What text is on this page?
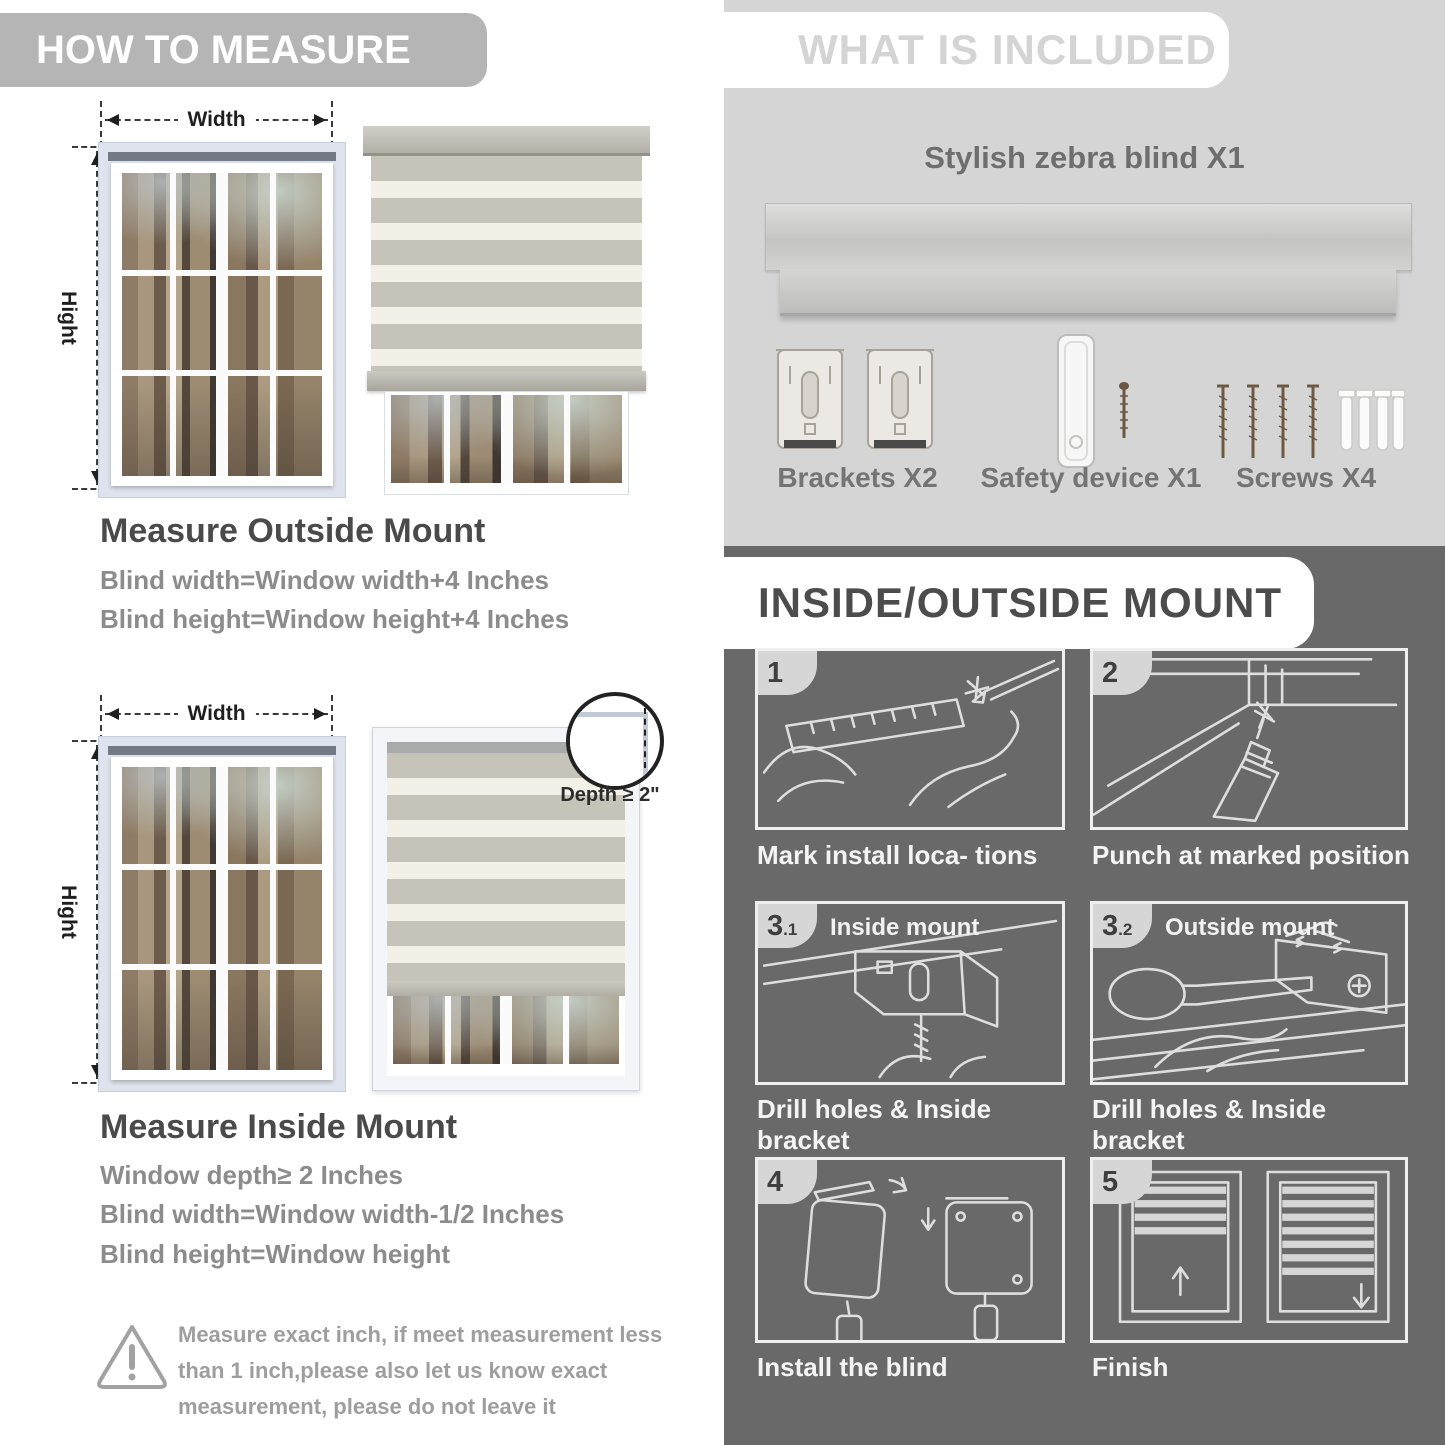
HOW TO MEASURE
Width
Hight
Measure Outside Mount
Blind width=Window width+4 Inches
Blind height=Window height+4 Inches
Width
Hight
Depth ≥ 2"
Measure Inside Mount
Window depth≥ 2 Inches
Blind width=Window width-1/2 Inches
Blind height=Window height
Measure exact inch, if meet measurement less
than 1 inch,please also let us know exact
measurement, please do not leave it
WHAT IS INCLUDED
Stylish zebra blind X1
Brackets X2	Safety device X1	Screws X4
INSIDE/OUTSIDE MOUNT
1
Mark install loca- tions
2
Punch at marked position
3.1	Inside mount
Drill holes & Inside bracket
3.2	Outside mount
Drill holes & Inside bracket
4
Install the blind
5
Finish
